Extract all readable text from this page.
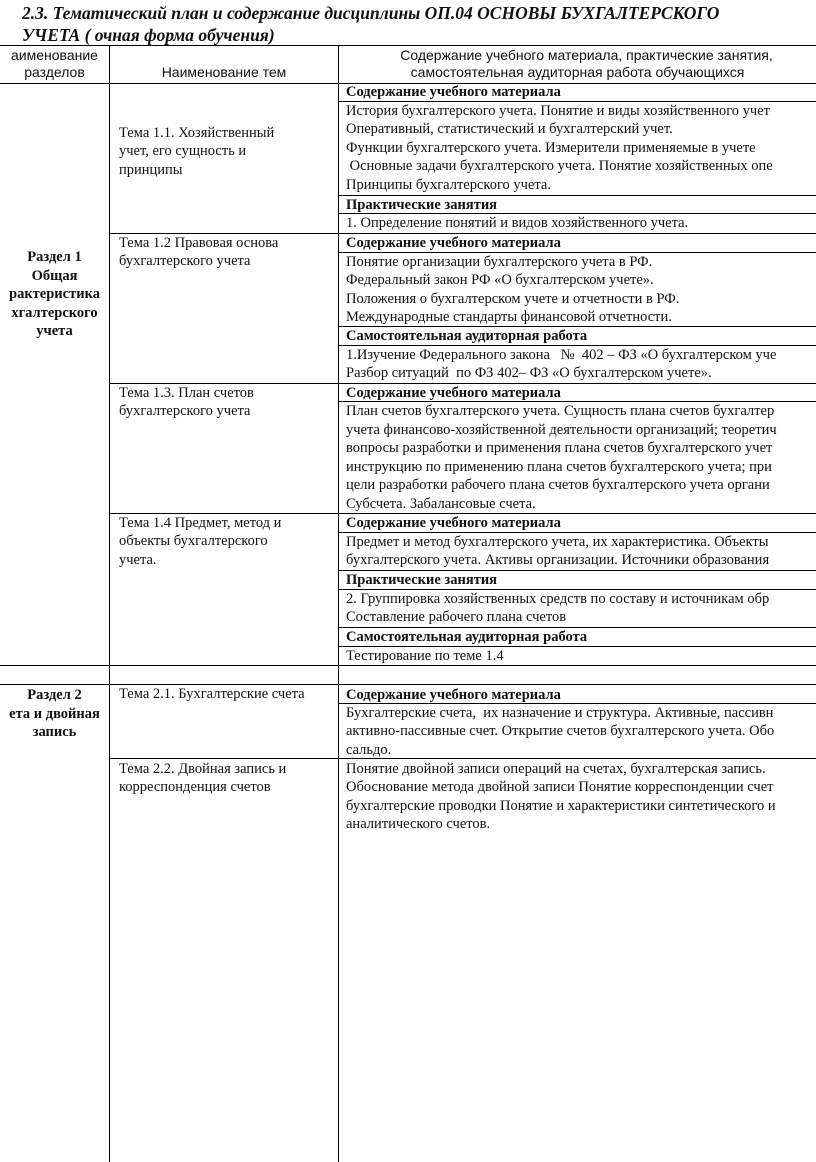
2.3. Тематический план и содержание дисциплины ОП.04 ОСНОВЫ БУХГАЛТЕРСКОГО
УЧЕТА ( очная форма обучения)
аименование
разделов	Наименование тем
Содержание учебного материала, практические занятия,
самостоятельная аудиторная работа обучающихся
Раздел 1
Общая
рактеристика
хгалтерского
учета
Раздел 2
ета и двойная
запись
Тема 1.1. Хозяйственный
учет, его сущность и
принципы
Тема 1.2 Правовая основа
бухгалтерского учета
Тема 1.3. План счетов
бухгалтерского учета
Тема 1.4 Предмет, метод и
объекты бухгалтерского
учета.
Тема 2.1. Бухгалтерские счета
Тема 2.2. Двойная запись и
корреспонденция счетов
Содержание учебного материала
История бухгалтерского учета. Понятие и виды хозяйственного учет
Оперативный, статистический и бухгалтерский учет.
Функции бухгалтерского учета. Измерители применяемые в учете
Основные задачи бухгалтерского учета. Понятие хозяйственных опе
Принципы бухгалтерского учета.
Практические занятия
1. Определение понятий и видов хозяйственного учета.
Содержание учебного материала
Понятие организации бухгалтерского учета в РФ.
Федеральный закон РФ «О бухгалтерском учете».
Положения о бухгалтерском учете и отчетности в РФ.
Международные стандарты финансовой отчетности.
Самостоятельная аудиторная работа
1.Изучение Федерального закона   №  402 – ФЗ «О бухгалтерском уче
Разбор ситуаций  по ФЗ 402– ФЗ «О бухгалтерском учете».
Содержание учебного материала
План счетов бухгалтерского учета. Сущность плана счетов бухгалтер
учета финансово-хозяйственной деятельности организаций; теоретич
вопросы разработки и применения плана счетов бухгалтерского учет
инструкцию по применению плана счетов бухгалтерского учета; при
цели разработки рабочего плана счетов бухгалтерского учета органи
Субсчета. Забалансовые счета.
Содержание учебного материала
Предмет и метод бухгалтерского учета, их характеристика. Объекты
бухгалтерского учета. Активы организации. Источники образования
Практические занятия
2. Группировка хозяйственных средств по составу и источникам обр
Составление рабочего плана счетов
Самостоятельная аудиторная работа
Тестирование по теме 1.4
Содержание учебного материала
Бухгалтерские счета,  их назначение и структура. Активные, пассивн
активно-пассивные счет. Открытие счетов бухгалтерского учета. Обо
сальдо.
Понятие двойной записи операций на счетах, бухгалтерская запись.
Обоснование метода двойной записи Понятие корреспонденции счет
бухгалтерские проводки Понятие и характеристики синтетического и
аналитического счетов.
